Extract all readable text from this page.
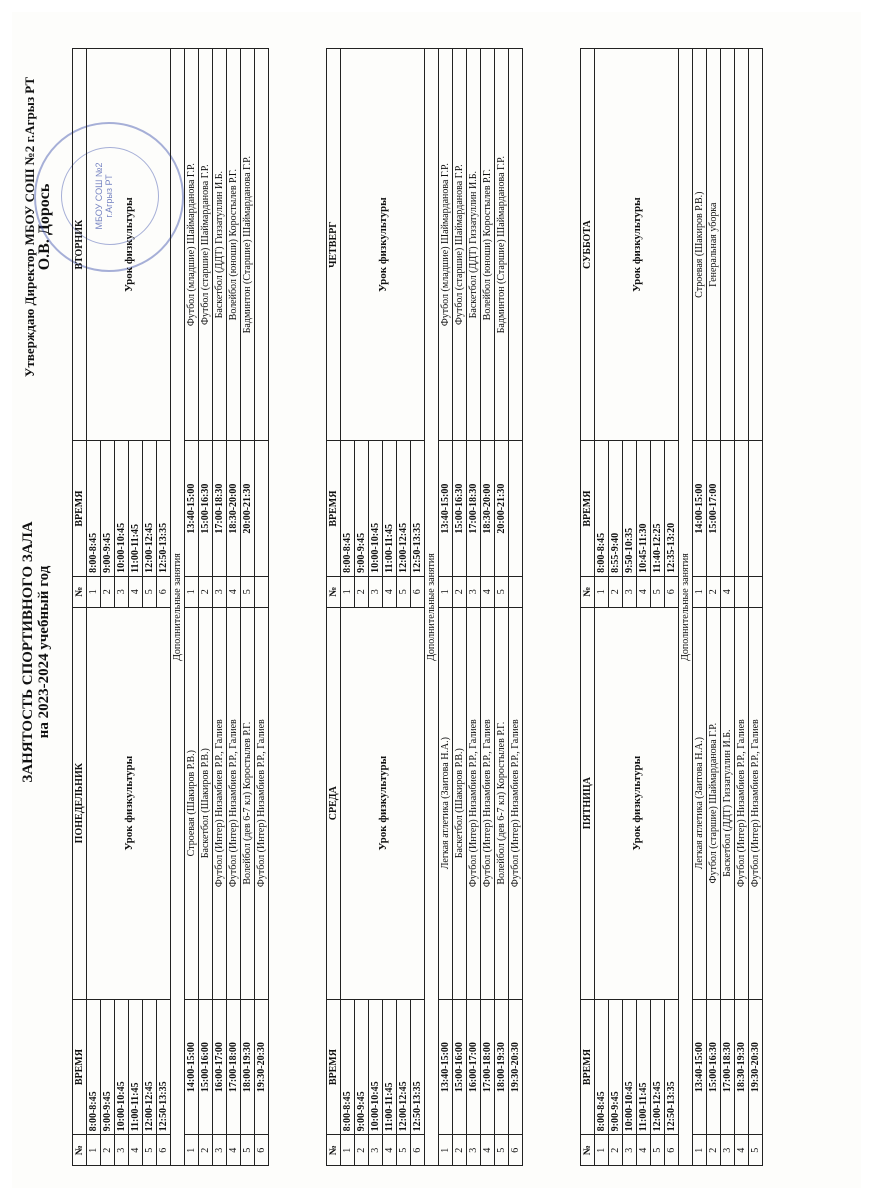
ЗАНЯТОСТЬ СПОРТИВНОГО ЗАЛА на 2023-2024 учебный год
Утверждаю Директор МБОУ СОШ №2 г.Агрыз РТ О.В. Дорось	МБОУ СОШ №2 г.Агрыз РТ
№	ВРЕМЯ	ПОНЕДЕЛЬНИК	№	ВРЕМЯ	ВТОРНИК
1	8:00-8:45	Урок физкультуры	1	8:00-8:45	Урок физкультуры
2	9:00-9:45		2	9:00-9:45	
3	10:00-10:45		3	10:00-10:45	
4	11:00-11:45		4	11:00-11:45	
5	12:00-12:45		5	12:00-12:45	
6	12:50-13:35		6	12:50-13:35	
Дополнительные занятия					
1	14:00-15:00	Строевая (Шакиров Р.В.)	1	13:40-15:00	Футбол (младшие) Шаймарданова Г.Р.
2	15:00-16:00	Баскетбол (Шакиров Р.В.)	2	15:00-16:30	Футбол (старшие) Шаймарданова Г.Р.
3	16:00-17:00	Футбол (Интер) Низамбиев Р.Р., Галиев	3	17:00-18:30	Баскетбол (ДДТ) Гиззатуллин И.Б.
4	17:00-18:00	Футбол (Интер) Низамбиев Р.Р., Галиев	4	18:30-20:00	Волейбол (юноши) Коростылев Р.Г.
5	18:00-19:30	Волейбол (дев 6-7 кл) Коростылев Р.Г.	5	20:00-21:30	Бадминтон (Старшие) Шаймарданова Г.Р.
6	19:30-20:30	Футбол (Интер) Низамбиев Р.Р., Галиев			
№	ВРЕМЯ	СРЕДА	№	ВРЕМЯ	ЧЕТВЕРГ
1	8:00-8:45	Урок физкультуры	1	8:00-8:45	Урок физкультуры
2	9:00-9:45		2	9:00-9:45	
3	10:00-10:45		3	10:00-10:45	
4	11:00-11:45		4	11:00-11:45	
5	12:00-12:45		5	12:00-12:45	
6	12:50-13:35		6	12:50-13:35	
Дополнительные занятия					
1	13:40-15:00	Легкая атлетика (Заитова Н.А.)	1	13:40-15:00	Футбол (младшие) Шаймарданова Г.Р.
2	15:00-16:00	Баскетбол (Шакиров Р.В.)	2	15:00-16:30	Футбол (старшие) Шаймарданова Г.Р.
3	16:00-17:00	Футбол (Интер) Низамбиев Р.Р., Галиев	3	17:00-18:30	Баскетбол (ДДТ) Гиззатуллин И.Б.
4	17:00-18:00	Футбол (Интер) Низамбиев Р.Р., Галиев	4	18:30-20:00	Волейбол (юноши) Коростылев Р.Г.
5	18:00-19:30	Волейбол (дев 6-7 кл) Коростылев Р.Г.	5	20:00-21:30	Бадминтон (Старшие) Шаймарданова Г.Р.
6	19:30-20:30	Футбол (Интер) Низамбиев Р.Р., Галиев			
№	ВРЕМЯ	ПЯТНИЦА	№	ВРЕМЯ	СУББОТА
1	8:00-8:45	Урок физкультуры	1	8:00-8:45	Урок физкультуры
2	9:00-9:45		2	8:55-9:40	
3	10:00-10:45		3	9:50-10:35	
4	11:00-11:45		4	10:45-11:30	
5	12:00-12:45		5	11:40-12:25	
6	12:50-13:35		6	12:35-13:20	
Дополнительные занятия					
1	13:40-15:00	Легкая атлетика (Заитова Н.А.)	1	14:00-15:00	Строевая (Шакиров Р.В.)
2	15:00-16:30	Футбол (старшие) Шаймарданова Г.Р.	2	15:00-17:00	Генеральная уборка
3	17:00-18:30	Баскетбол (ДДТ) Гиззатуллин И.Б.	4		
4	18:30-19:30	Футбол (Интер) Низамбиев Р.Р., Галиев			
5	19:30-20:30	Футбол (Интер) Низамбиев Р.Р., Галиев			
